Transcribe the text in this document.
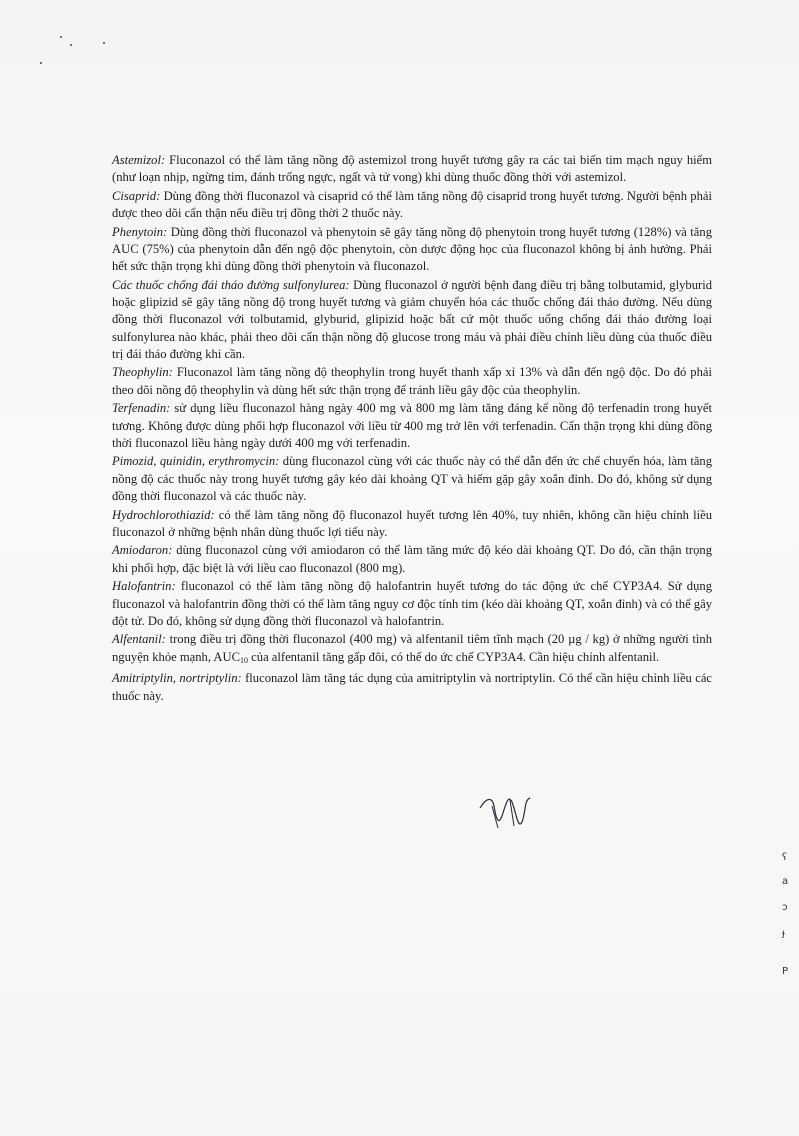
Astemizol: Fluconazol có thể làm tăng nồng độ astemizol trong huyết tương gây ra các tai biến tim mạch nguy hiểm (như loạn nhịp, ngừng tim, đánh trống ngực, ngất và tử vong) khi dùng thuốc đồng thời với astemizol.

Cisaprid: Dùng đồng thời fluconazol và cisaprid có thể làm tăng nồng độ cisaprid trong huyết tương. Người bệnh phải được theo dõi cẩn thận nếu điều trị đồng thời 2 thuốc này.

Phenytoin: Dùng đồng thời fluconazol và phenytoin sẽ gây tăng nồng độ phenytoin trong huyết tương (128%) và tăng AUC (75%) của phenytoin dẫn đến ngộ độc phenytoin, còn dược động học của fluconazol không bị ảnh hưởng. Phải hết sức thận trọng khi dùng đồng thời phenytoin và fluconazol.

Các thuốc chống đái tháo đường sulfonylurea: Dùng fluconazol ở người bệnh đang điều trị bằng tolbutamid, glyburid hoặc glipizid sẽ gây tăng nồng độ trong huyết tương và giảm chuyển hóa các thuốc chống đái tháo đường. Nếu dùng đồng thời fluconazol với tolbutamid, glyburid, glipizid hoặc bất cứ một thuốc uống chống đái tháo đường loại sulfonylurea nào khác, phải theo dõi cẩn thận nồng độ glucose trong máu và phải điều chỉnh liều dùng của thuốc điều trị đái tháo đường khi cần.

Theophylin: Fluconazol làm tăng nồng độ theophylin trong huyết thanh xấp xỉ 13% và dẫn đến ngộ độc. Do đó phải theo dõi nồng độ theophylin và dùng hết sức thận trọng để tránh liều gây độc của theophylin.

Terfenadin: sử dụng liều fluconazol hàng ngày 400 mg và 800 mg làm tăng đáng kể nồng độ terfenadin trong huyết tương. Không được dùng phối hợp fluconazol với liều từ 400 mg trở lên với terfenadin. Cẩn thận trọng khi dùng đồng thời fluconazol liều hàng ngày dưới 400 mg với terfenadin.

Pimozid, quinidin, erythromycin: dùng fluconazol cùng với các thuốc này có thể dẫn đến ức chế chuyển hóa, làm tăng nồng độ các thuốc này trong huyết tương gây kéo dài khoảng QT và hiếm gặp gây xoắn đỉnh. Do đó, không sử dụng đồng thời fluconazol và các thuốc này.

Hydrochlorothiazid: có thể làm tăng nồng độ fluconazol huyết tương lên 40%, tuy nhiên, không cần hiệu chỉnh liều fluconazol ở những bệnh nhân dùng thuốc lợi tiểu này.

Amiodaron: dùng fluconazol cùng với amiodaron có thể làm tăng mức độ kéo dài khoảng QT. Do đó, cần thận trọng khi phối hợp, đặc biệt là với liều cao fluconazol (800 mg).

Halofantrin: fluconazol có thể làm tăng nồng độ halofantrin huyết tương do tác động ức chế CYP3A4. Sử dụng fluconazol và halofantrin đồng thời có thể làm tăng nguy cơ độc tính tim (kéo dài khoảng QT, xoắn đỉnh) và có thể gây đột tử. Do đó, không sử dụng đồng thời fluconazol và halofantrin.

Alfentanil: trong điều trị đồng thời fluconazol (400 mg) và alfentanil tiêm tĩnh mạch (20 µg / kg) ở những người tình nguyện khỏe mạnh, $AUC_{10}$ của alfentanil tăng gấp đôi, có thể do ức chế CYP3A4. Cần hiệu chỉnh alfentanil.

Amitriptylin, nortriptylin: fluconazol làm tăng tác dụng của amitriptylin và nortriptylin. Có thể cần hiệu chỉnh liều các thuốc này.

ʕ
a
ɔ
ɟ
P
